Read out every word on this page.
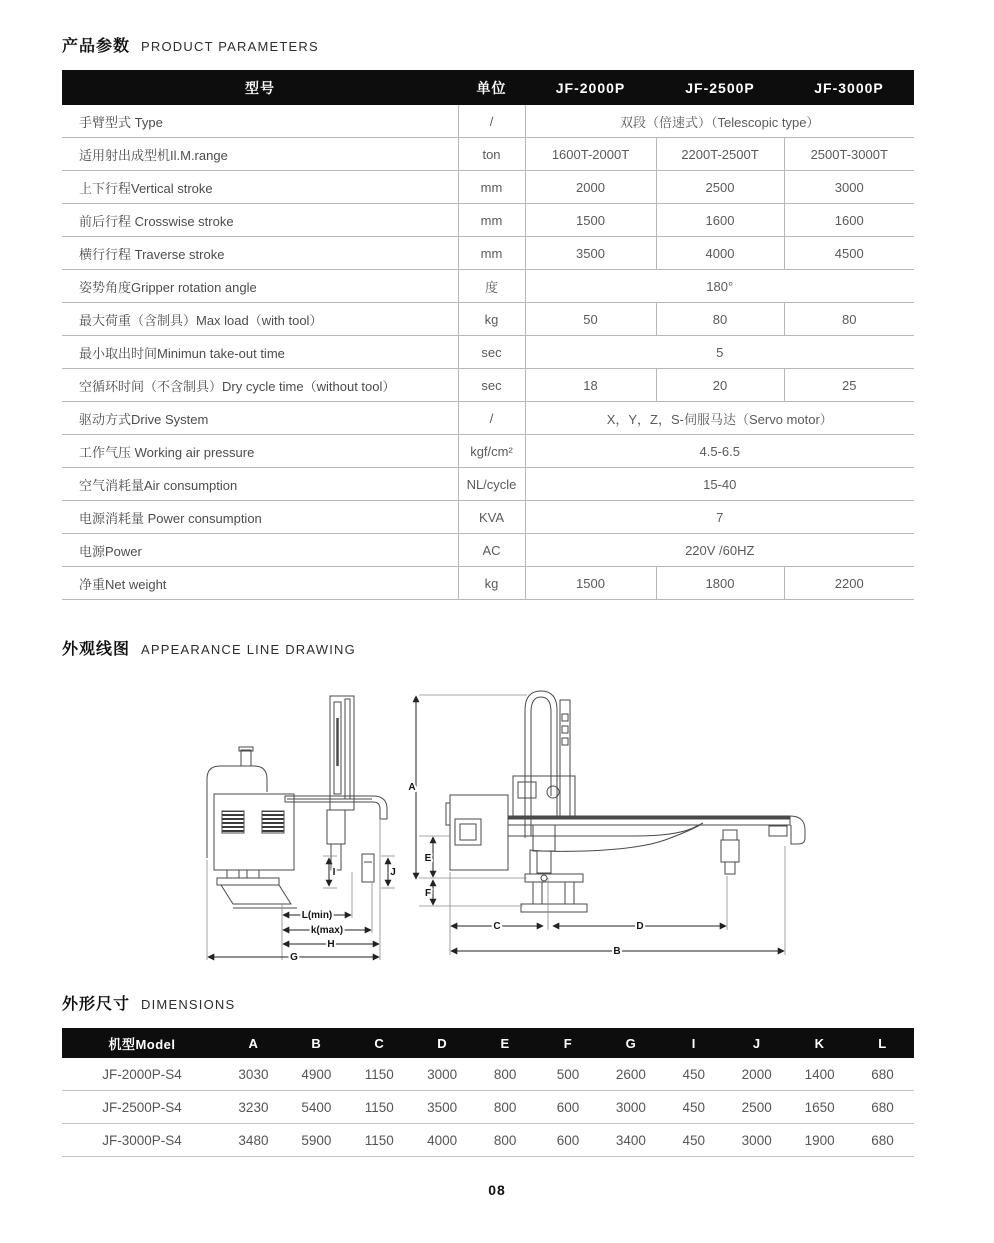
产品参数 PRODUCT PARAMETERS
型号	单位	JF-2000P	JF-2500P	JF-3000P
手臂型式 Type	/	双段（倍速式）（Telescopic type）		
适用射出成型机Il.M.range	ton	1600T-2000T	2200T-2500T	2500T-3000T
上下行程Vertical stroke	mm	2000	2500	3000
前后行程 Crosswise stroke	mm	1500	1600	1600
横行行程 Traverse stroke	mm	3500	4000	4500
姿势角度Gripper rotation angle	度	180°		
最大荷重（含制具）Max load（with tool）	kg	50	80	80
最小取出时间Minimun take-out time	sec	5		
空循环时间（不含制具）Dry cycle time（without tool）	sec	18	20	25
驱动方式Drive System	/	X，Y，Z，S-伺服马达（Servo motor）		
工作气压 Working air pressure	kgf/cm²	4.5-6.5		
空气消耗量Air consumption	NL/cycle	15-40		
电源消耗量 Power consumption	KVA	7		
电源Power	AC	220V /60HZ		
净重Net weight	kg	1500	1800	2200
外观线图 APPEARANCE LINE DRAWING
I	J
L(min)
k(max)
H
G
A
E
F
C	D
B
外形尺寸 DIMENSIONS
机型Model	A	B	C	D	E	F	G	I	J	K	L
JF-2000P-S4	3030	4900	1150	3000	800	500	2600	450	2000	1400	680
JF-2500P-S4	3230	5400	1150	3500	800	600	3000	450	2500	1650	680
JF-3000P-S4	3480	5900	1150	4000	800	600	3400	450	3000	1900	680
08
